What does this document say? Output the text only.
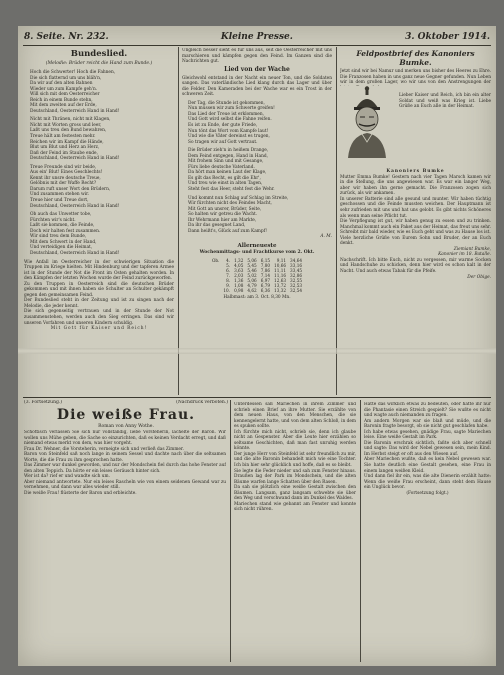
8. Seite. Nr. 232.	Kleine Presse.	3. Oktober 1914.
Bundeslied.
(Melodie: Brüder reicht die Hand zum Bunde.)

Hoch die Schwerter! Hoch die Fahnen,

Die sich flatternd um uns bläh'n,

Da wir auf den alten Bahnen

Wieder um zum Kampfe geh'n.

Will sich mit dem Oesterreicher

Reich in einem Bunde stehn,

Mit dem zweiten auf der Erde,

Deutschland, Oesterreich Hand in Hand!

Nicht mit Thränen, nicht mit Klagen,

Nicht mit Worten gross und leer,

Laßt uns treu den Bund bewahren,

Treue hält am festesten mehr.

Reichen wir im Kampf die Hände,

Blut um Blut und Herz an Herz,

Daß der Feind im Staube ende,

Deutschland, Oesterreich Hand in Hand!

Treue Freunde sind wir beide,

Aus ein' Blut! Eines Geschlechts!

Kennt ihr unsre deutsche Treue,

Gelöbnis mit der Waffe Recht?

Darum ruft unser Wort den Brüdern,

Und zusammen stehen wir.

Treue hier und Treue dort,

Deutschland, Oesterreich Hand in Hand!

Ob auch das Unwetter tobe,

Fürchten wir's nicht.

Laßt sie kommen, die Feinde,

Doch wir halten fest zusammen.

Wir sind treu dem Bunde,

Mit dem Schwert in der Hand,

Und verteidigen die Heimat,

Deutschland, Oesterreich Hand in Hand!

Wie Anfall im Oesterreicher in der schwierigen Situation die Truppen im Kriege hielten. Mit Hindenburg und der tapferen Armee ist in der Stunde der Not die Front im Osten gehalten worden. In den Kämpfen der letzten Wochen wurde der Feind zurückgeworfen.

Zu den Truppen in Oesterreich sind die deutschen Brüder gekommen und mit ihnen haben sie Schulter an Schulter gekämpft gegen den gemeinsamen Feind.

Der Bundeslied steht in der Zeitung und ist zu singen nach der Melodie, die jeder kennt.

Die sich gegenseitig vertrauen und in der Stunde der Not zusammenstehen, werden auch den Sieg erringen. Das sind wir unseren Vorfahren und unseren Kindern schuldig.

Mit Gott für Kaiser und Reich!

Ungleich besser sieht es für uns aus, seit die Oesterreicher mit uns marschieren und kämpfen gegen den Feind. Im Ganzen sind die Nachrichten gut.

Lied von der Wache

Gleichwohl entstand in der Nacht ein neuer Ton, und die Soldaten sangen. Das vaterländische Lied klang durch das Lager und über die Felder. Den Kameraden bei der Wache war es ein Trost in der schweren Zeit.

Der Tag, die Stunde ist gekommen,

Nun müssen wir zum Schwerte greifen!

Das Lied der Treue ist erklommen,

Und Gott wird selbst die Fahne reifen.

Es ist zu Ende, der gute Friede,

Nun tönt das Wort vom Kampfe laut!

Und wie die Väter dereinst es trugen,

So tragen wir auf Gott vertraut.

Die Brüder zieh'n in heißem Drange,

Dem Feind entgegen, Hand in Hand,

Mit frohem Sinn und mit Gesange,

Fürs liebe deutsche Vaterland.

Da hört man keinen Laut der Klage,

Es gilt das Recht, es gilt die Ehr',

Und treu wie einst in alten Tagen,

Steht fest das Heer, steht fest die Wehr.

Und kommt nun Schlag auf Schlag im Streite,

Wir fürchten nicht des Feindes Macht,

Mit Gott an unsrer, Brüder, Seite,

So halten wir getreu die Wacht.

Ihr Wehrmann hier am Markte,

Da ihr das gesegnet Land,

Dann heißt's, Glück auf zum Kampf!

A. M.

Allerneueste
Wochenmittags- und Frachtkurse vom 2. Okt.
Ob.	4.	1,32	5,06	6,15	9,11	34,64
	5.	4,05	5,45	7,80	10,66	33,16
	6.	3,63	5,46	7,86	11,11	33,45
	7.	2,03	5,02	7,14	11,16	32,86
	8.	1,36	5,06	6,97	12,63	32,55
	9.	1,08	4,79	6,79	13,72	32,53
	10.	0,98	4,62	6,36	13,32	32,54

Halbmast: am 3. Oct. 8,30 Mn.

Feldpostbrief des Kanoniers Bumke.

Jetzt sind wir bei Namur und merken uns bisher des Heeres zu Ehre. Die Franzosen haben in uns ganz neue Gegner gefunden. Nun Leben wir in dem großen Lager, wo wir uns von den Anstrengungen der

Lieber Kaiser und Reich, ich bin ein alter Soldat und weiß was Krieg ist. Liebe Grüße an Euch alle in der Heimat.

Kanoniers Bumke

Mutter Emma Bumke! Gestern nach vier Tagen Marsch kamen wir in die Stellung, die uns angewiesen war. Es war ein langer Weg, aber wir haben ihn gerne gemacht. Die Franzosen zogen sich zurück, als wir ankamen.

In unserer Batterie sind alle gesund und munter. Wir haben tüchtig geschossen und die Feinde mussten weichen. Der Hauptmann ist sehr zufrieden mit uns und hat uns gelobt. Es gibt nichts Schöneres als wenn man seine Pflicht tut.

Die Verpflegung ist gut, wir haben genug zu essen und zu trinken. Manchmal kommt auch ein Paket aus der Heimat, das freut uns sehr. Schreibt mir bald wieder, wie es Euch geht und was zu Hause los ist.

Viele herzliche Grüße von Eurem Sohn und Bruder, der an Euch denkt.

Ziemiant Bumke,

Kanonier im 18. Batalle.

Nachschrift. Ich bitte Euch, nicht zu vergessen, mir warme Socken und Handschuhe zu schicken, denn hier wird es schon kalt in der Nacht. Und auch etwas Tabak für die Pfeife.

Der Obige.

(3. Fortsetzung.)	(Nachdruck verboten.)
Die weiße Frau.
Roman von Anny Wothe.

Schottisch verlassen Sie sich nur vollständig, liebe Vorsteherin, lächelte der Baron. Wir wollen uns Mühe geben, die Sache so einzurichten, daß es keinen Verdacht erregt, und daß niemand etwas merkt von dem, was hier vorgeht.

Frau Dr. Wehner, die Vorsteherin, verneigte sich und verließ das Zimmer.

Baron von Steinfeld saß noch lange in seinem Sessel und dachte nach über die seltsamen Worte, die die Frau zu ihm gesprochen hatte.

Das Zimmer war dunkel geworden, und nur der Mondschein fiel durch das hohe Fenster auf den alten Teppich. Da hörte er ein leises Geräusch hinter sich.

Wer ist da? rief er und wandte sich um.

Aber niemand antwortete. Nur ein leises Rascheln wie von einem seidenen Gewand war zu vernehmen, und dann war alles wieder still.

Die weiße Frau! flüsterte der Baron und erbleichte.

Unterdessen saß Mariechen in ihrem Zimmer und schrieb einen Brief an ihre Mutter. Sie erzählte von dem neuen Haus, von den Menschen, die sie kennengelernt hatte, und von dem alten Schloß, in dem es spuken sollte.

Ich fürchte mich nicht, schrieb sie, denn ich glaube nicht an Gespenster. Aber die Leute hier erzählen so seltsame Geschichten, daß man fast unruhig werden könnte.

Der junge Herr von Steinfeld ist sehr freundlich zu mir, und die alte Baronin behandelt mich wie eine Tochter. Ich bin hier sehr glücklich und hoffe, daß es so bleibt.

Sie legte die Feder nieder und sah zum Fenster hinaus. Draußen lag der Park im Mondschein, und die alten Bäume warfen lange Schatten über den Rasen.

Da sah sie plötzlich eine weiße Gestalt zwischen den Bäumen. Langsam, ganz langsam schwebte sie über den Weg und verschwand dann im Dunkel des Waldes.

Mariechen stand wie gebannt am Fenster und konnte sich nicht rühren.

Hatte das wirklich etwas zu bedeuten, oder hatte ihr nur die Phantasie einen Streich gespielt? Sie wußte es nicht und wagte auch niemanden zu fragen.

Am andern Morgen war sie blaß und müde, und die Baronin fragte besorgt, ob sie nicht gut geschlafen habe.

Ich habe etwas gesehen, gnädige Frau, sagte Mariechen leise. Eine weiße Gestalt im Park.

Die Baronin erschrak sichtlich, faßte sich aber schnell und sagte: Das wird der Nebel gewesen sein, mein Kind. Im Herbst steigt er oft aus den Wiesen auf.

Aber Mariechen wußte, daß es kein Nebel gewesen war. Sie hatte deutlich eine Gestalt gesehen, eine Frau in einem langen weißen Kleid.

Und dann fiel ihr ein, was die alte Dienerin erzählt hatte: Wenn die weiße Frau erscheint, dann steht dem Hause ein Unglück bevor.

(Fortsetzung folgt.)
